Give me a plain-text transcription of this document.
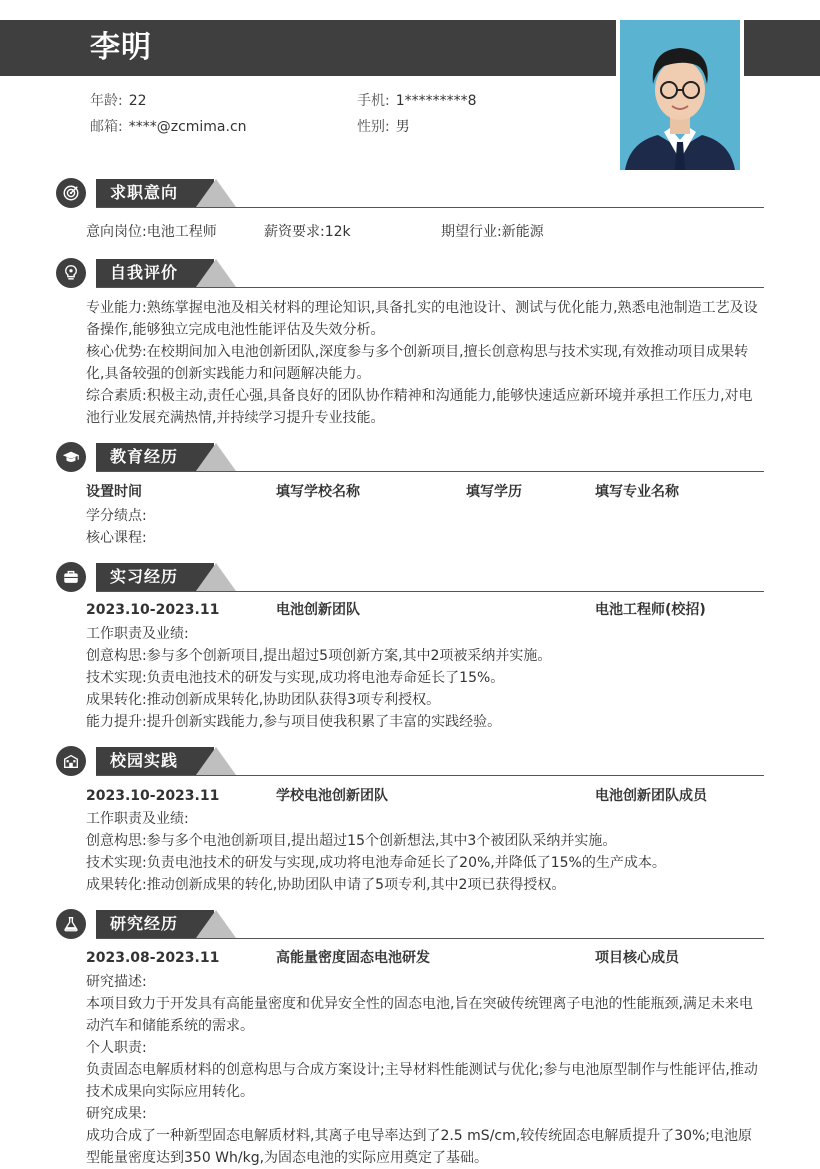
李明
年龄: 22	手机: 1*********8
邮箱: ****@zcmima.cn	性别: 男
求职意向
意向岗位:电池工程师	薪资要求:12k	期望行业:新能源
自我评价
专业能力:熟练掌握电池及相关材料的理论知识,具备扎实的电池设计、测试与优化能力,熟悉电池制造工艺及设备操作,能够独立完成电池性能评估及失效分析。
核心优势:在校期间加入电池创新团队,深度参与多个创新项目,擅长创意构思与技术实现,有效推动项目成果转化,具备较强的创新实践能力和问题解决能力。
综合素质:积极主动,责任心强,具备良好的团队协作精神和沟通能力,能够快速适应新环境并承担工作压力,对电池行业发展充满热情,并持续学习提升专业技能。
教育经历
设置时间	填写学校名称	填写学历	填写专业名称
学分绩点:
核心课程:
实习经历
2023.10-2023.11	电池创新团队	电池工程师(校招)
工作职责及业绩:
创意构思:参与多个创新项目,提出超过5项创新方案,其中2项被采纳并实施。
技术实现:负责电池技术的研发与实现,成功将电池寿命延长了15%。
成果转化:推动创新成果转化,协助团队获得3项专利授权。
能力提升:提升创新实践能力,参与项目使我积累了丰富的实践经验。
校园实践
2023.10-2023.11	学校电池创新团队	电池创新团队成员
工作职责及业绩:
创意构思:参与多个电池创新项目,提出超过15个创新想法,其中3个被团队采纳并实施。
技术实现:负责电池技术的研发与实现,成功将电池寿命延长了20%,并降低了15%的生产成本。
成果转化:推动创新成果的转化,协助团队申请了5项专利,其中2项已获得授权。
研究经历
2023.08-2023.11	高能量密度固态电池研发	项目核心成员
研究描述:
本项目致力于开发具有高能量密度和优异安全性的固态电池,旨在突破传统锂离子电池的性能瓶颈,满足未来电动汽车和储能系统的需求。
个人职责:
负责固态电解质材料的创意构思与合成方案设计;主导材料性能测试与优化;参与电池原型制作与性能评估,推动技术成果向实际应用转化。
研究成果:
成功合成了一种新型固态电解质材料,其离子电导率达到了2.5 mS/cm,较传统固态电解质提升了30%;电池原型能量密度达到350 Wh/kg,为固态电池的实际应用奠定了基础。
